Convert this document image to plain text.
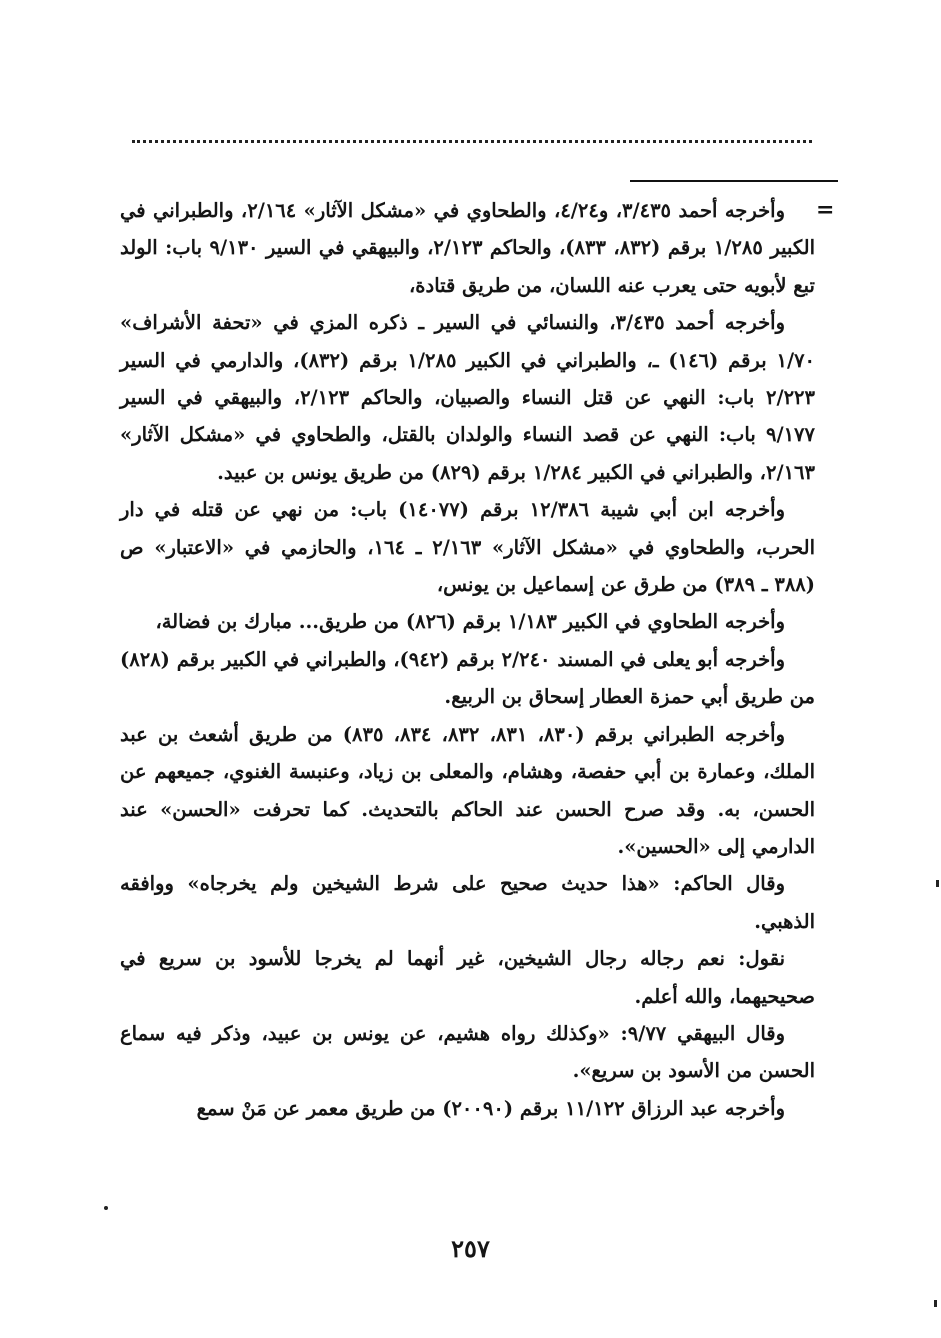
=

وأخرجه أحمد ٣/٤٣٥، و٤/٢٤، والطحاوي في «مشكل الآثار» ٢/١٦٤، والطبراني في الكبير ١/٢٨٥ برقم (٨٣٢، ٨٣٣)، والحاكم ٢/١٢٣، والبيهقي في السير ٩/١٣٠ باب: الولد تبع لأبويه حتى يعرب عنه اللسان، من طريق قتادة،

وأخرجه أحمد ٣/٤٣٥، والنسائي في السير ـ ذكره المزي في «تحفة الأشراف» ١/٧٠ برقم (١٤٦) ـ، والطبراني في الكبير ١/٢٨٥ برقم (٨٣٢)، والدارمي في السير ٢/٢٢٣ باب: النهي عن قتل النساء والصبيان، والحاكم ٢/١٢٣، والبيهقي في السير ٩/١٧٧ باب: النهي عن قصد النساء والولدان بالقتل، والطحاوي في «مشكل الآثار» ٢/١٦٣، والطبراني في الكبير ١/٢٨٤ برقم (٨٢٩) من طريق يونس بن عبيد.

وأخرجه ابن أبي شيبة ١٢/٣٨٦ برقم (١٤٠٧٧) باب: من نهي عن قتله في دار الحرب، والطحاوي في «مشكل الآثار» ٢/١٦٣ ـ ١٦٤، والحازمي في «الاعتبار» ص (٣٨٨ ـ ٣٨٩) من طرق عن إسماعيل بن يونس،

وأخرجه الطحاوي في الكبير ١/١٨٣ برقم (٨٢٦) من طريق... مبارك بن فضالة،

وأخرجه أبو يعلى في المسند ٢/٢٤٠ برقم (٩٤٢)، والطبراني في الكبير برقم (٨٢٨) من طريق أبي حمزة العطار إسحاق بن الربيع.

وأخرجه الطبراني برقم (٨٣٠، ٨٣١، ٨٣٢، ٨٣٤، ٨٣٥) من طريق أشعث بن عبد الملك، وعمارة بن أبي حفصة، وهشام، والمعلى بن زياد، وعنبسة الغنوي، جميعهم عن الحسن، به. وقد صرح الحسن عند الحاكم بالتحديث. كما تحرفت «الحسن» عند الدارمي إلى «الحسين».

وقال الحاكم: «هذا حديث صحيح على شرط الشيخين ولم يخرجاه» ووافقه الذهبي.

نقول: نعم رجاله رجال الشيخين، غير أنهما لم يخرجا للأسود بن سريع في صحيحيهما، والله أعلم.

وقال البيهقي ٩/٧٧: «وكذلك رواه هشيم، عن يونس بن عبيد، وذكر فيه سماع الحسن من الأسود بن سريع».

وأخرجه عبد الرزاق ١١/١٢٢ برقم (٢٠٠٩٠) من طريق معمر عن مَنْ سمع

٢٥٧
